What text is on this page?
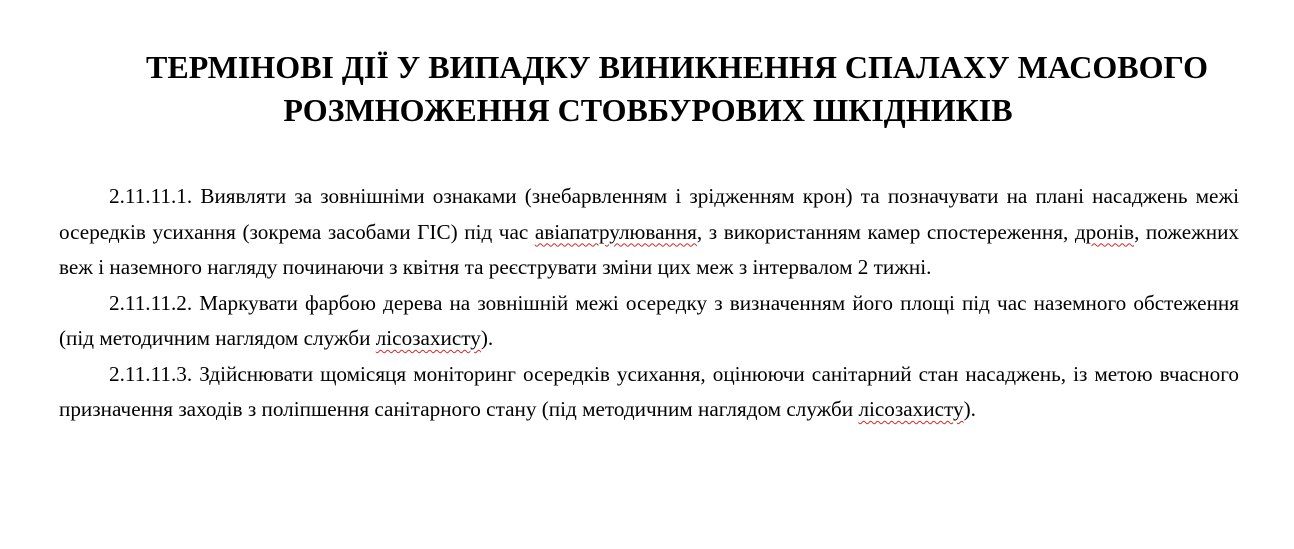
ТЕРМІНОВІ ДІЇ У ВИПАДКУ ВИНИКНЕННЯ СПАЛАХУ МАСОВОГО
РОЗМНОЖЕННЯ СТОВБУРОВИХ ШКІДНИКІВ

2.11.11.1. Виявляти за зовнішніми ознаками (знебарвленням і зрідженням крон) та позначувати на плані насаджень межі осередків усихання (зокрема засобами ГІС) під час авіапатрулювання, з використанням камер спостереження, дронів, пожежних веж і наземного нагляду починаючи з квітня та реєструвати зміни цих меж з інтервалом 2 тижні.

2.11.11.2. Маркувати фарбою дерева на зовнішній межі осередку з визначенням його площі під час наземного обстеження (під методичним наглядом служби лісозахисту).

2.11.11.3. Здійснювати щомісяця моніторинг осередків усихання, оцінюючи санітарний стан насаджень, із метою вчасного призначення заходів з поліпшення санітарного стану (під методичним наглядом служби лісозахисту).
